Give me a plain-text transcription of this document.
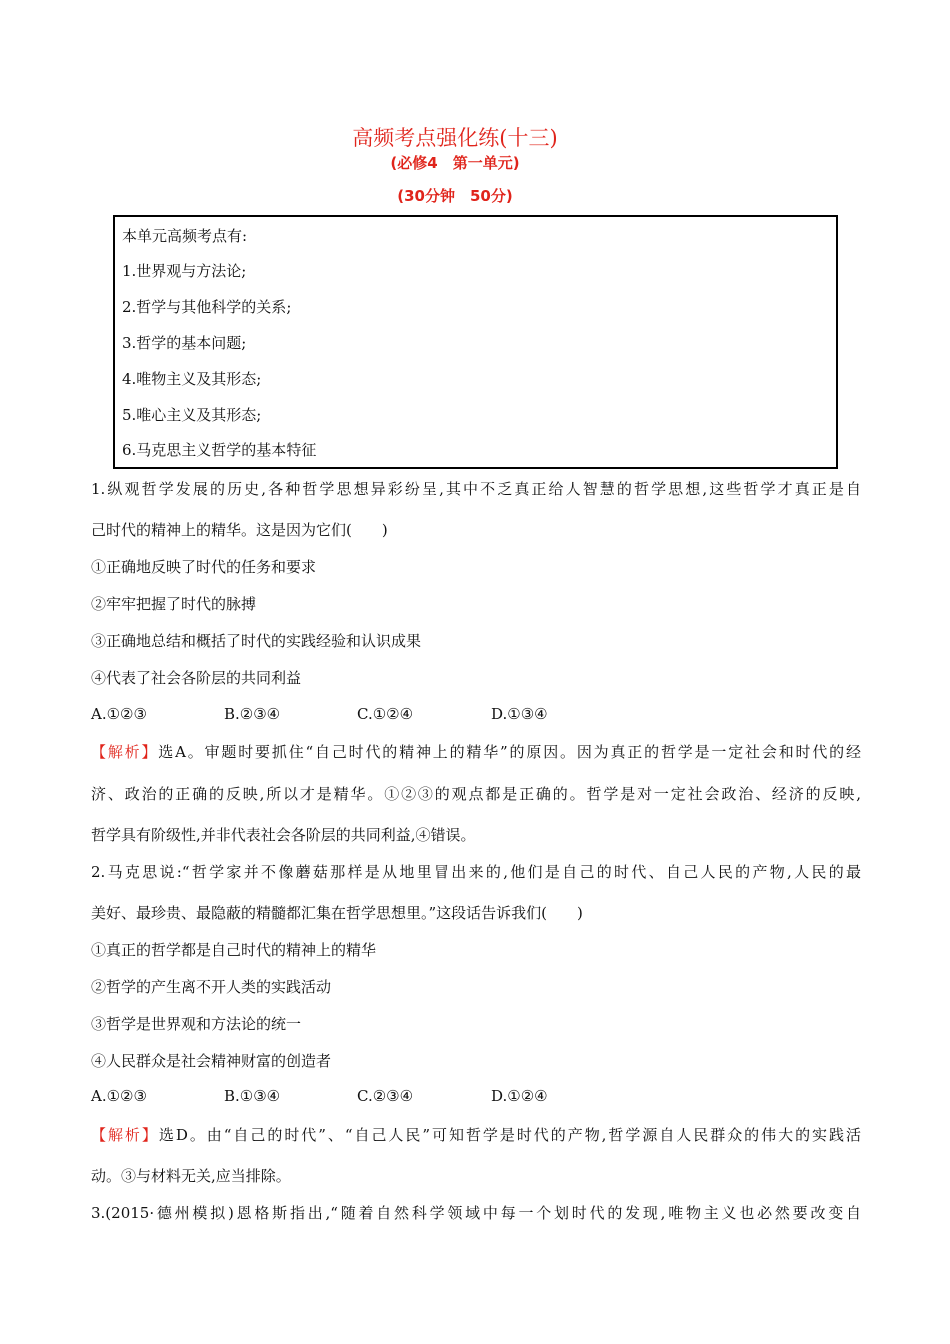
高频考点强化练(十三)
(必修4　第一单元)
(30分钟　50分)
本单元高频考点有:
1.世界观与方法论;
2.哲学与其他科学的关系;
3.哲学的基本问题;
4.唯物主义及其形态;
5.唯心主义及其形态;
6.马克思主义哲学的基本特征
1.纵观哲学发展的历史,各种哲学思想异彩纷呈,其中不乏真正给人智慧的哲学思想,这些哲学才真正是自
己时代的精神上的精华。这是因为它们(　　)
①正确地反映了时代的任务和要求
②牢牢把握了时代的脉搏
③正确地总结和概括了时代的实践经验和认识成果
④代表了社会各阶层的共同利益
A.①②③	B.②③④	C.①②④	D.①③④
【解析】选A。审题时要抓住“自己时代的精神上的精华”的原因。因为真正的哲学是一定社会和时代的经
济、政治的正确的反映,所以才是精华。①②③的观点都是正确的。哲学是对一定社会政治、经济的反映,
哲学具有阶级性,并非代表社会各阶层的共同利益,④错误。
2.马克思说:“哲学家并不像蘑菇那样是从地里冒出来的,他们是自己的时代、自己人民的产物,人民的最
美好、最珍贵、最隐蔽的精髓都汇集在哲学思想里。”这段话告诉我们(　　)
①真正的哲学都是自己时代的精神上的精华
②哲学的产生离不开人类的实践活动
③哲学是世界观和方法论的统一
④人民群众是社会精神财富的创造者
A.①②③	B.①③④	C.②③④	D.①②④
【解析】选D。由“自己的时代”、“自己人民”可知哲学是时代的产物,哲学源自人民群众的伟大的实践活
动。③与材料无关,应当排除。
3.(2015·德州模拟)恩格斯指出,“随着自然科学领域中每一个划时代的发现,唯物主义也必然要改变自
